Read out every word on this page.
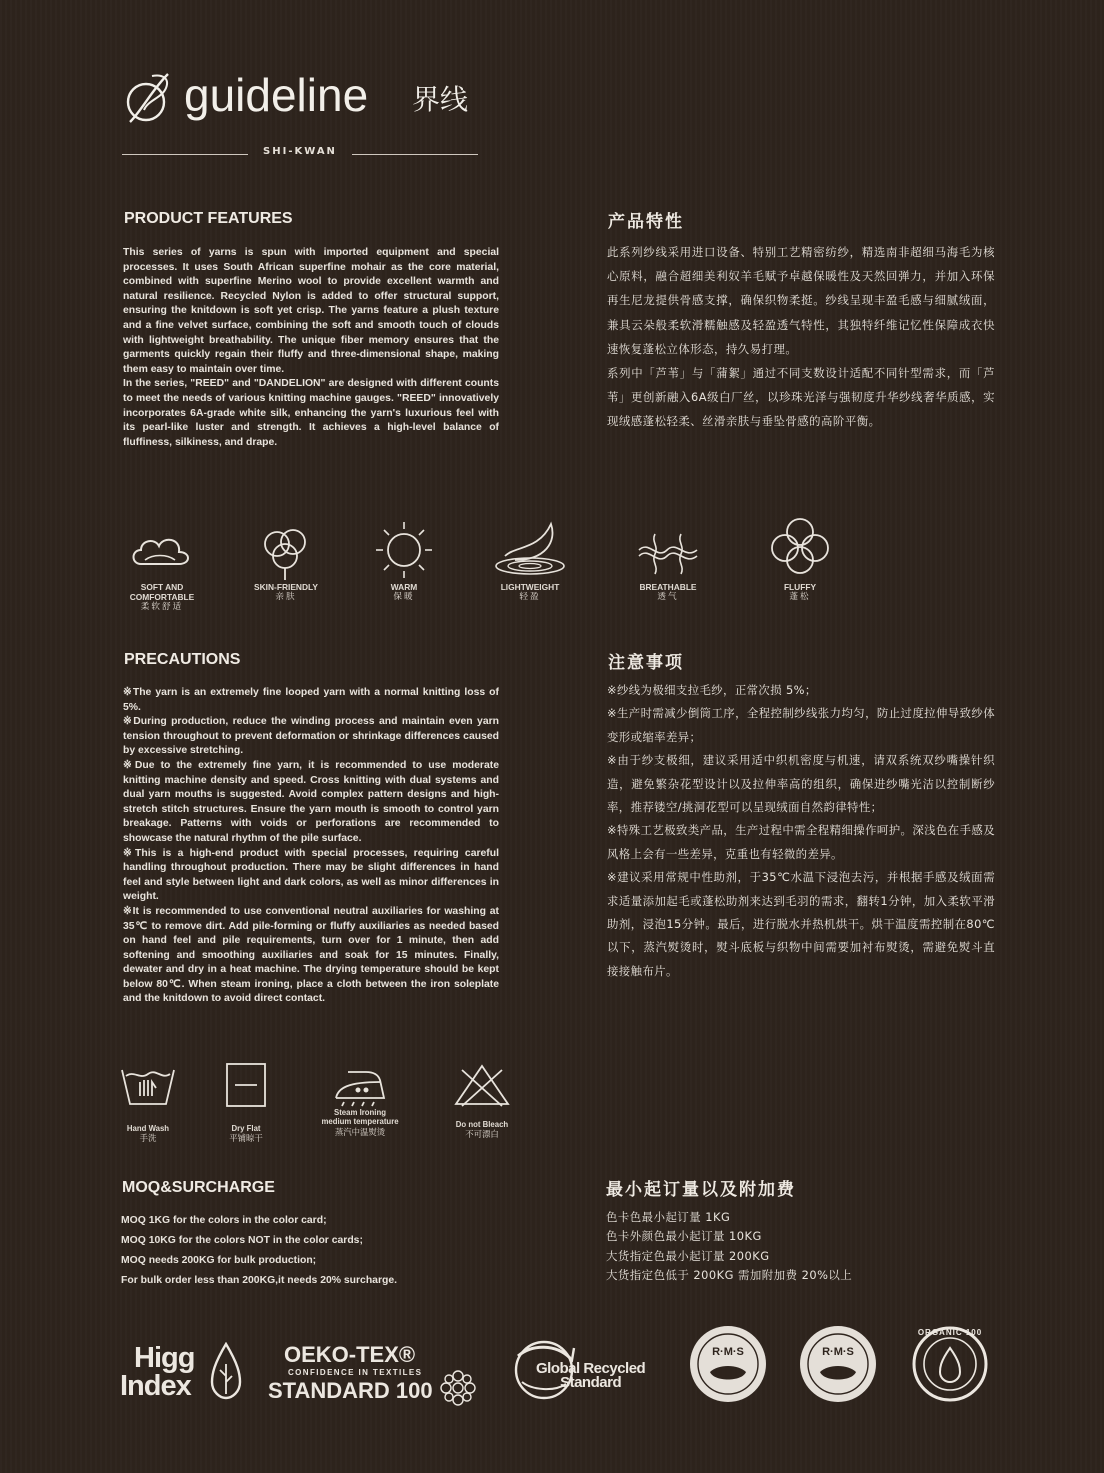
guideline 界线
SHI-KWAN
PRODUCT FEATURES

This series of yarns is spun with imported equipment and special processes. It uses South African superfine mohair as the core material, combined with superfine Merino wool to provide excellent warmth and natural resilience. Recycled Nylon is added to offer structural support, ensuring the knitdown is soft yet crisp. The yarns feature a plush texture and a fine velvet surface, combining the soft and smooth touch of clouds with lightweight breathability. The unique fiber memory ensures that the garments quickly regain their fluffy and three-dimensional shape, making them easy to maintain over time.

In the series, "REED" and "DANDELION" are designed with different counts to meet the needs of various knitting machine gauges. "REED" innovatively incorporates 6A-grade white silk, enhancing the yarn's luxurious feel with its pearl-like luster and strength. It achieves a high-level balance of fluffiness, silkiness, and drape.

产品特性

此系列纱线采用进口设备、特别工艺精密纺纱，精选南非超细马海毛为核心原料，融合超细美利奴羊毛赋予卓越保暖性及天然回弹力，并加入环保再生尼龙提供骨感支撑，确保织物柔挺。纱线呈现丰盈毛感与细腻绒面，兼具云朵般柔软滑糯触感及轻盈透气特性，其独特纤维记忆性保障成衣快速恢复蓬松立体形态，持久易打理。

系列中「芦苇」与「蒲絮」通过不同支数设计适配不同针型需求，而「芦苇」更创新融入6A级白厂丝，以珍珠光泽与强韧度升华纱线奢华质感，实现绒感蓬松轻柔、丝滑亲肤与垂坠骨感的高阶平衡。

SOFT AND
COMFORTABLE
柔软舒适
SKIN-FRIENDLY
亲肤
WARM
保暖
LIGHTWEIGHT
轻盈
BREATHABLE
透气
FLUFFY
蓬松
PRECAUTIONS

※The yarn is an extremely fine looped yarn with a normal knitting loss of 5%.

※During production, reduce the winding process and maintain even yarn tension throughout to prevent deformation or shrinkage differences caused by excessive stretching.

※Due to the extremely fine yarn, it is recommended to use moderate knitting machine density and speed. Cross knitting with dual systems and dual yarn mouths is suggested. Avoid complex pattern designs and high-stretch stitch structures. Ensure the yarn mouth is smooth to control yarn breakage. Patterns with voids or perforations are recommended to showcase the natural rhythm of the pile surface.

※This is a high-end product with special processes, requiring careful handling throughout production. There may be slight differences in hand feel and style between light and dark colors, as well as minor differences in weight.

※It is recommended to use conventional neutral auxiliaries for washing at 35℃ to remove dirt. Add pile-forming or fluffy auxiliaries as needed based on hand feel and pile requirements, turn over for 1 minute, then add softening and smoothing auxiliaries and soak for 15 minutes. Finally, dewater and dry in a heat machine. The drying temperature should be kept below 80℃. When steam ironing, place a cloth between the iron soleplate and the knitdown to avoid direct contact.

注意事项

※纱线为极细支拉毛纱，正常次损 5%；

※生产时需减少倒筒工序，全程控制纱线张力均匀，防止过度拉伸导致纱体变形或缩率差异；

※由于纱支极细，建议采用适中织机密度与机速，请双系统双纱嘴操针织造，避免繁杂花型设计以及拉伸率高的组织，确保进纱嘴光洁以控制断纱率，推荐镂空/挑洞花型可以呈现绒面自然韵律特性；

※特殊工艺极致类产品，生产过程中需全程精细操作呵护。深浅色在手感及风格上会有一些差异，克重也有轻微的差异。

※建议采用常规中性助剂，于35℃水温下浸泡去污，并根据手感及绒面需求适量添加起毛或蓬松助剂来达到毛羽的需求，翻转1分钟，加入柔软平滑助剂，浸泡15分钟。最后，进行脱水并热机烘干。烘干温度需控制在80℃以下，蒸汽熨烫时，熨斗底板与织物中间需要加衬布熨烫，需避免熨斗直接接触布片。

Hand Wash
手洗
Dry Flat
平铺晾干
Steam Ironing
medium temperature
蒸汽中温熨烫
Do not Bleach
不可漂白
MOQ&SURCHARGE

MOQ 1KG for the colors in the color card;

MOQ 10KG for the colors NOT in the color cards;

MOQ needs 200KG for bulk production;

For bulk order less than 200KG,it needs 20% surcharge.

最小起订量以及附加费

色卡色最小起订量 1KG

色卡外颜色最小起订量 10KG

大货指定色最小起订量 200KG

大货指定色低于 200KG 需加附加费 20%以上

Higg
Index
OEKO-TEX®
CONFIDENCE IN TEXTILES
STANDARD 100
Global Recycled
Standard
R·M·S	R·M·S
ORGANIC 100
